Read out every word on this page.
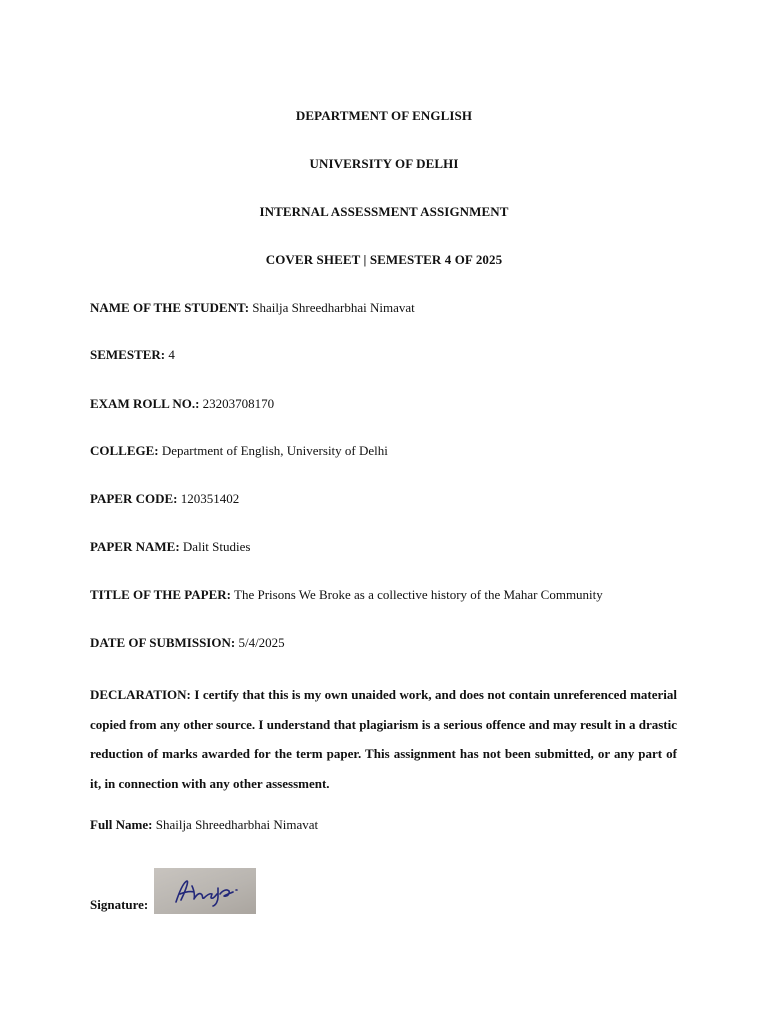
DEPARTMENT OF ENGLISH
UNIVERSITY OF DELHI
INTERNAL ASSESSMENT ASSIGNMENT
COVER SHEET | SEMESTER 4 OF 2025
NAME OF THE STUDENT: Shailja Shreedharbhai Nimavat
SEMESTER: 4
EXAM ROLL NO.: 23203708170
COLLEGE: Department of English, University of Delhi
PAPER CODE: 120351402
PAPER NAME: Dalit Studies
TITLE OF THE PAPER: The Prisons We Broke as a collective history of the Mahar Community
DATE OF SUBMISSION: 5/4/2025
DECLARATION: I certify that this is my own unaided work, and does not contain unreferenced material copied from any other source. I understand that plagiarism is a serious offence and may result in a drastic reduction of marks awarded for the term paper. This assignment has not been submitted, or any part of it, in connection with any other assessment.
Full Name: Shailja Shreedharbhai Nimavat
Signature:
